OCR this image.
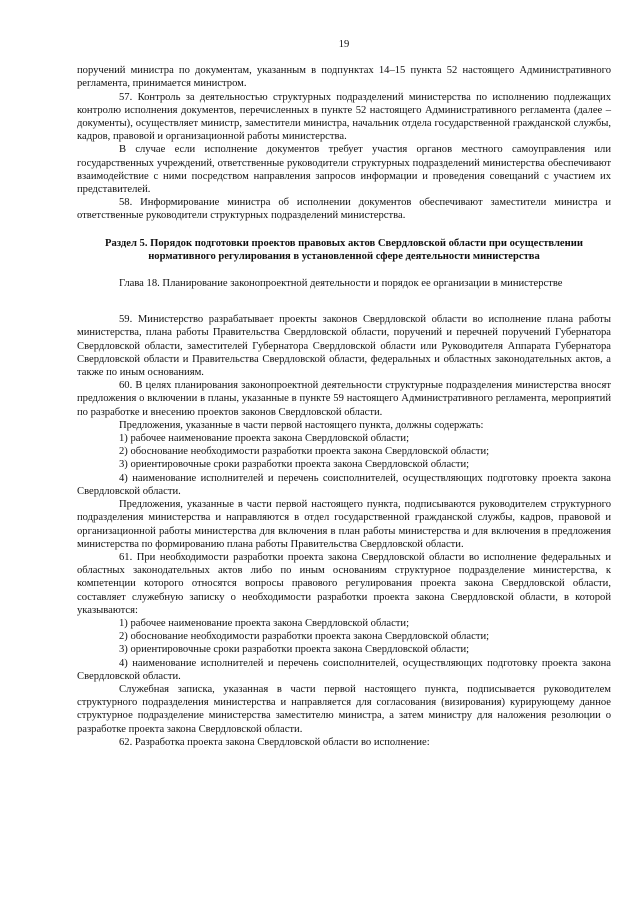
19

поручений министра по документам, указанным в подпунктах 14–15 пункта 52 настоящего Административного регламента, принимается министром.

57. Контроль за деятельностью структурных подразделений министерства по исполнению подлежащих контролю исполнения документов, перечисленных в пункте 52 настоящего Административного регламента (далее – документы), осуществляет министр, заместители министра, начальник отдела государственной гражданской службы, кадров, правовой и организационной работы министерства.

В случае если исполнение документов требует участия органов местного самоуправления или государственных учреждений, ответственные руководители структурных подразделений министерства обеспечивают взаимодействие с ними посредством направления запросов информации и проведения совещаний с участием их представителей.

58. Информирование министра об исполнении документов обеспечивают заместители министра и ответственные руководители структурных подразделений министерства.

Раздел 5. Порядок подготовки проектов правовых актов Свердловской области при осуществлении нормативного регулирования в установленной сфере деятельности министерства

Глава 18. Планирование законопроектной деятельности и порядок ее организации в министерстве

59. Министерство разрабатывает проекты законов Свердловской области во исполнение плана работы министерства, плана работы Правительства Свердловской области, поручений и перечней поручений Губернатора Свердловской области, заместителей Губернатора Свердловской области или Руководителя Аппарата Губернатора Свердловской области и Правительства Свердловской области, федеральных и областных законодательных актов, а также по иным основаниям.

60. В целях планирования законопроектной деятельности структурные подразделения министерства вносят предложения о включении в планы, указанные в пункте 59 настоящего Административного регламента, мероприятий по разработке и внесению проектов законов Свердловской области.

Предложения, указанные в части первой настоящего пункта, должны содержать:

1) рабочее наименование проекта закона Свердловской области;

2) обоснование необходимости разработки проекта закона Свердловской области;

3) ориентировочные сроки разработки проекта закона Свердловской области;

4) наименование исполнителей и перечень соисполнителей, осуществляющих подготовку проекта закона Свердловской области.

Предложения, указанные в части первой настоящего пункта, подписываются руководителем структурного подразделения министерства и направляются в отдел государственной гражданской службы, кадров, правовой и организационной работы министерства для включения в план работы министерства и для включения в предложения министерства по формированию плана работы Правительства Свердловской области.

61. При необходимости разработки проекта закона Свердловской области во исполнение федеральных и областных законодательных актов либо по иным основаниям структурное подразделение министерства, к компетенции которого относятся вопросы правового регулирования проекта закона Свердловской области, составляет служебную записку о необходимости разработки проекта закона Свердловской области, в которой указываются:

1) рабочее наименование проекта закона Свердловской области;

2) обоснование необходимости разработки проекта закона Свердловской области;

3) ориентировочные сроки разработки проекта закона Свердловской области;

4) наименование исполнителей и перечень соисполнителей, осуществляющих подготовку проекта закона Свердловской области.

Служебная записка, указанная в части первой настоящего пункта, подписывается руководителем структурного подразделения министерства и направляется для согласования (визирования) курирующему данное структурное подразделение министерства заместителю министра, а затем министру для наложения резолюции о разработке проекта закона Свердловской области.

62. Разработка проекта закона Свердловской области во исполнение:
